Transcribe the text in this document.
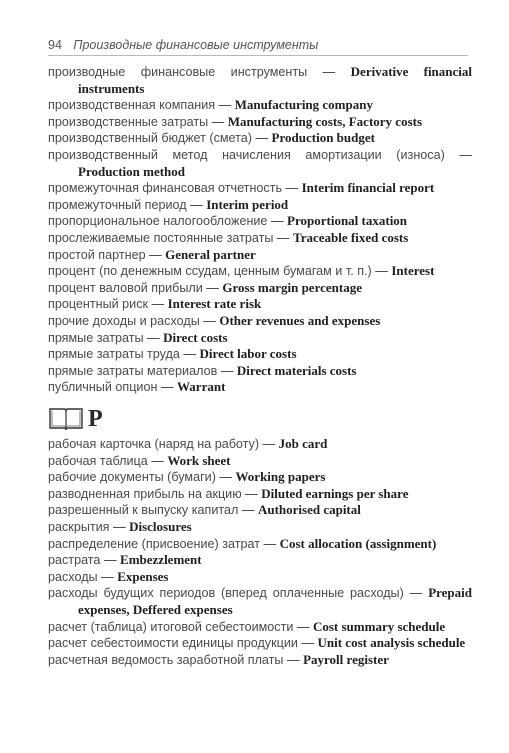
94 Производные финансовые инструменты

производные финансовые инструменты — Derivative financial instruments

производственная компания — Manufacturing company

производственные затраты — Manufacturing costs, Factory costs

производственный бюджет (смета) — Production budget

производственный метод начисления амортизации (износа) — Production method

промежуточная финансовая отчетность — Interim financial report

промежуточный период — Interim period

пропорциональное налогообложение — Proportional taxation

прослеживаемые постоянные затраты — Traceable fixed costs

простой партнер — General partner

процент (по денежным ссудам, ценным бумагам и т. п.) — Interest

процент валовой прибыли — Gross margin percentage

процентный риск — Interest rate risk

прочие доходы и расходы — Other revenues and expenses

прямые затраты — Direct costs

прямые затраты труда — Direct labor costs

прямые затраты материалов — Direct materials costs

публичный опцион — Warrant

Р

рабочая карточка (наряд на работу) — Job card

рабочая таблица — Work sheet

рабочие документы (бумаги) — Working papers

разводненная прибыль на акцию — Diluted earnings per share

разрешенный к выпуску капитал — Authorised capital

раскрытия — Disclosures

распределение (присвоение) затрат — Cost allocation (assignment)

растрата — Embezzlement

расходы — Expenses

расходы будущих периодов (вперед оплаченные расходы) — Prepaid expenses, Deffered expenses

расчет (таблица) итоговой себестоимости — Cost summary schedule

расчет себестоимости единицы продукции — Unit cost analysis schedule

расчетная ведомость заработной платы — Payroll register
